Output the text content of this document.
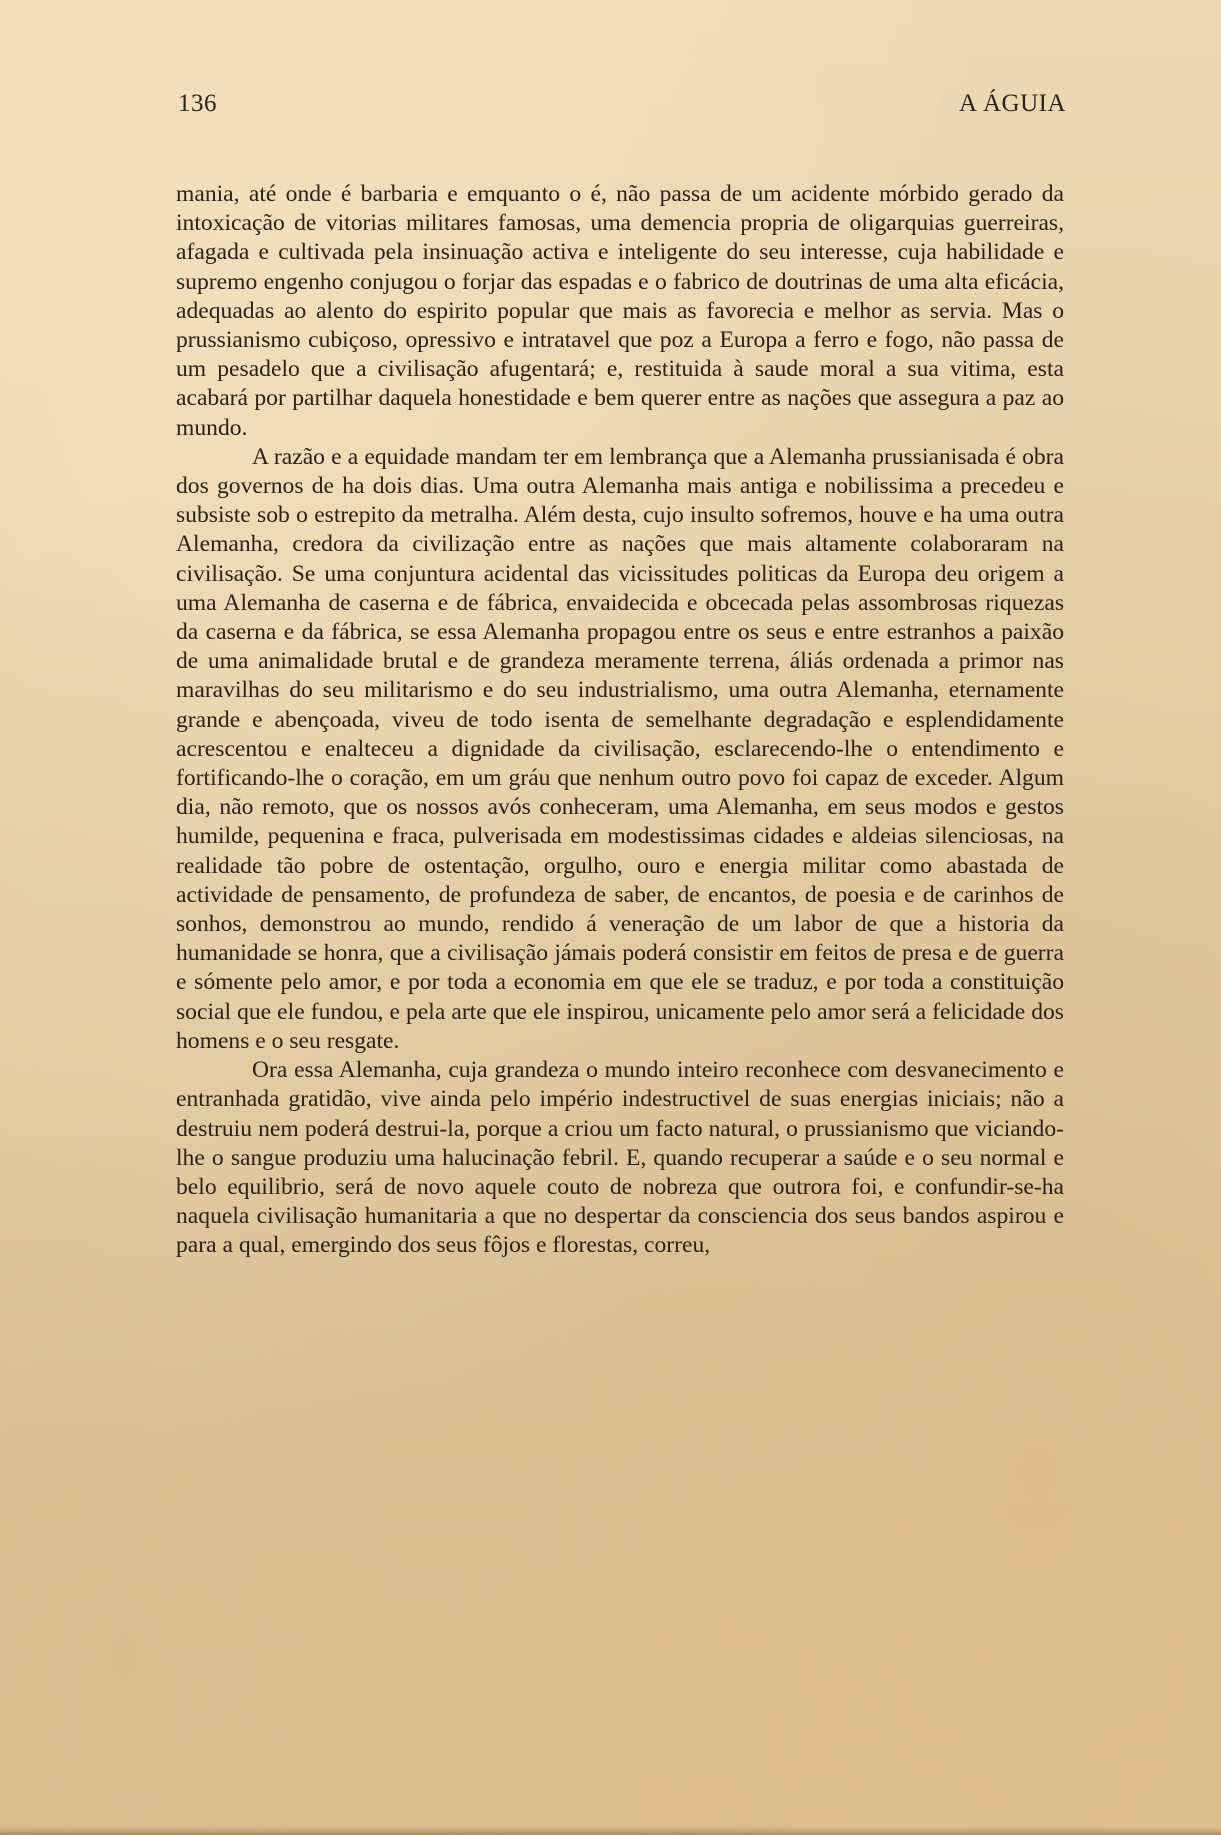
136	A ÁGUIA

mania, até onde é barbaria e emquanto o é, não passa de um acidente mórbido gerado da intoxicação de vitorias militares famosas, uma demencia propria de oligarquias guerreiras, afagada e cultivada pela insinuação activa e inteligente do seu interesse, cuja habilidade e supremo engenho conjugou o forjar das espadas e o fabrico de doutrinas de uma alta eficácia, adequadas ao alento do espirito popular que mais as favorecia e melhor as servia. Mas o prussianismo cubiçoso, opressivo e intratavel que poz a Europa a ferro e fogo, não passa de um pesadelo que a civilisação afugentará; e, restituida à saude moral a sua vitima, esta acabará por partilhar daquela honestidade e bem querer entre as nações que assegura a paz ao mundo.

A razão e a equidade mandam ter em lembrança que a Alemanha prussianisada é obra dos governos de ha dois dias. Uma outra Alemanha mais antiga e nobilissima a precedeu e subsiste sob o estrepito da metralha. Além desta, cujo insulto sofremos, houve e ha uma outra Alemanha, credora da civilização entre as nações que mais altamente colaboraram na civilisação. Se uma conjuntura acidental das vicissitudes politicas da Europa deu origem a uma Alemanha de caserna e de fábrica, envaidecida e obcecada pelas assombrosas riquezas da caserna e da fábrica, se essa Alemanha propagou entre os seus e entre estranhos a paixão de uma animalidade brutal e de grandeza meramente terrena, áliás ordenada a primor nas maravilhas do seu militarismo e do seu industrialismo, uma outra Alemanha, eternamente grande e abençoada, viveu de todo isenta de semelhante degradação e esplendidamente acrescentou e enalteceu a dignidade da civilisação, esclarecendo-lhe o entendimento e fortificando-lhe o coração, em um gráu que nenhum outro povo foi capaz de exceder. Algum dia, não remoto, que os nossos avós conheceram, uma Alemanha, em seus modos e gestos humilde, pequenina e fraca, pulverisada em modestissimas cidades e aldeias silenciosas, na realidade tão pobre de ostentação, orgulho, ouro e energia militar como abastada de actividade de pensamento, de profundeza de saber, de encantos, de poesia e de carinhos de sonhos, demonstrou ao mundo, rendido á veneração de um labor de que a historia da humanidade se honra, que a civilisação jámais poderá consistir em feitos de presa e de guerra e sómente pelo amor, e por toda a economia em que ele se traduz, e por toda a constituição social que ele fundou, e pela arte que ele inspirou, unicamente pelo amor será a felicidade dos homens e o seu resgate.

Ora essa Alemanha, cuja grandeza o mundo inteiro reconhece com desvanecimento e entranhada gratidão, vive ainda pelo império indestructivel de suas energias iniciais; não a destruiu nem poderá destrui-la, porque a criou um facto natural, o prussianismo que viciando-lhe o sangue produziu uma halucinação febril. E, quando recuperar a saúde e o seu normal e belo equilibrio, será de novo aquele couto de nobreza que outrora foi, e confundir-se-ha naquela civilisação humanitaria a que no despertar da consciencia dos seus bandos aspirou e para a qual, emergindo dos seus fôjos e florestas, correu,
